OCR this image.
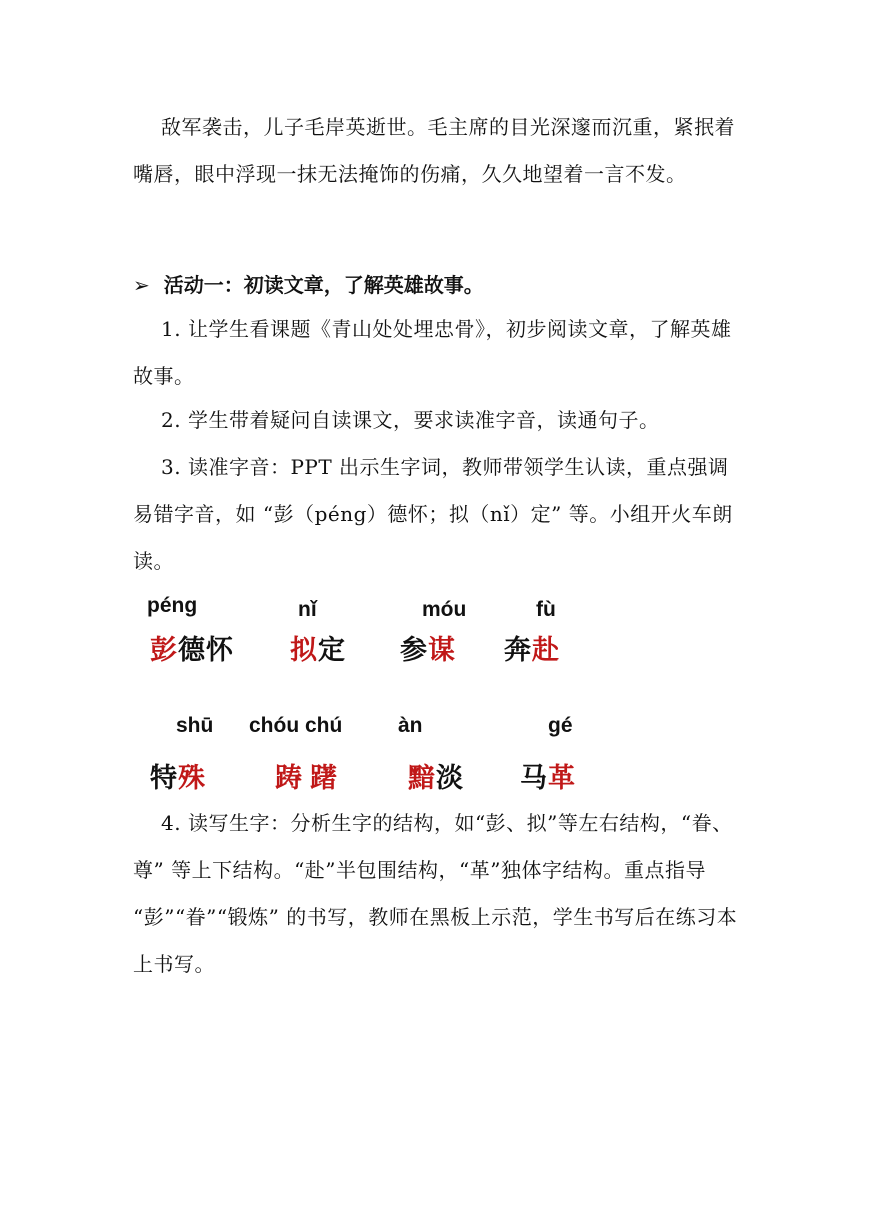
敌军袭击，儿子毛岸英逝世。毛主席的目光深邃而沉重，紧抿着嘴唇，眼中浮现一抹无法掩饰的伤痛，久久地望着一言不发。

➢ 活动一：初读文章，了解英雄故事。

1. 让学生看课题《青山处处埋忠骨》，初步阅读文章，了解英雄故事。

2. 学生带着疑问自读课文，要求读准字音，读通句子。

3. 读准字音：PPT 出示生字词，教师带领学生认读，重点强调易错字音，如 “彭（péng）德怀；拟（nǐ）定” 等。小组开火车朗读。

péng
彭德怀
nǐ
拟定
móu
参谋
fù
奔赴
shū
特殊
chóu chú
踌躇
àn
黯淡
gé
马革

4. 读写生字：分析生字的结构，如“彭、拟”等左右结构，“眷、尊” 等上下结构。“赴”半包围结构，“革”独体字结构。重点指导 “彭”“眷”“锻炼” 的书写，教师在黑板上示范，学生书写后在练习本上书写。
